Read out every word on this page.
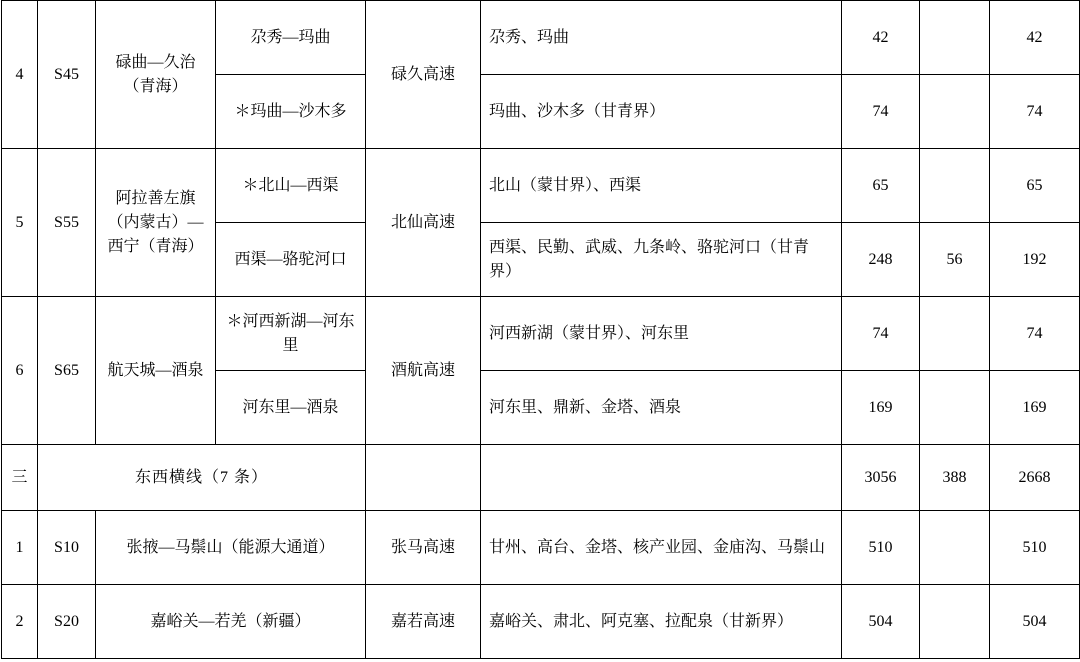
4	S45	碌曲—久治（青海）	尕秀—玛曲	碌久高速	尕秀、玛曲	42		42
			＊玛曲—沙木多		玛曲、沙木多（甘青界）	74		74
5	S55	阿拉善左旗（内蒙古）—西宁（青海）	＊北山—西渠	北仙高速	北山（蒙甘界）、西渠	65		65
			西渠—骆驼河口		西渠、民勤、武威、九条岭、骆驼河口（甘青界）	248	56	192
6	S65	航天城—酒泉	＊河西新湖—河东里	酒航高速	河西新湖（蒙甘界）、河东里	74		74
			河东里—酒泉		河东里、鼎新、金塔、酒泉	169		169
三	东西横线（7 条）					3056	388	2668
1	S10	张掖—马鬃山（能源大通道）		张马高速	甘州、高台、金塔、核产业园、金庙沟、马鬃山	510		510
2	S20	嘉峪关—若羌（新疆）		嘉若高速	嘉峪关、肃北、阿克塞、拉配泉（甘新界）	504		504
